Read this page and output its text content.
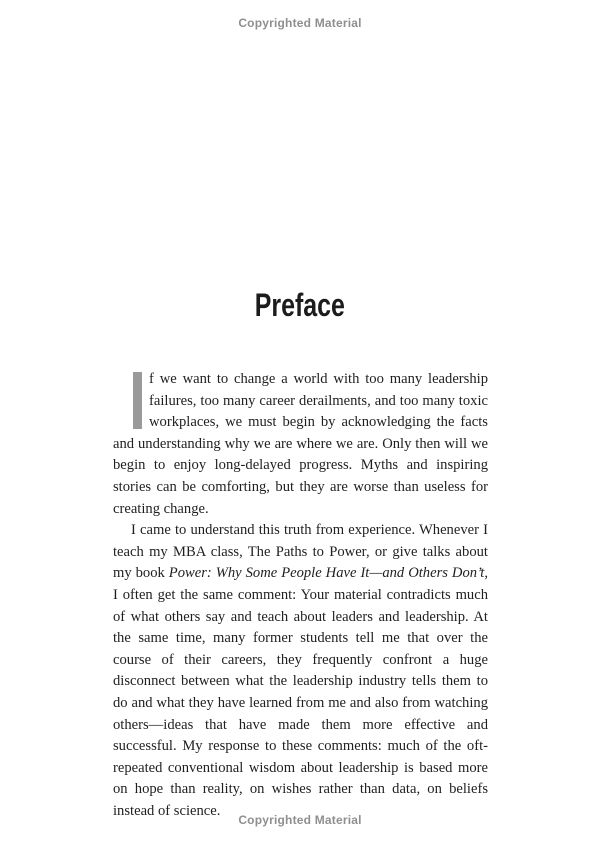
Copyrighted Material
Preface

f we want to change a world with too many leadership failures, too many career derailments, and too many toxic workplaces, we must begin by acknowledging the facts and understanding why we are where we are. Only then will we begin to enjoy long-delayed progress. Myths and inspiring stories can be comforting, but they are worse than useless for creating change.

I came to understand this truth from experience. Whenever I teach my MBA class, The Paths to Power, or give talks about my book Power: Why Some People Have It—and Others Don’t, I often get the same comment: Your material contradicts much of what others say and teach about leaders and leadership. At the same time, many former students tell me that over the course of their careers, they frequently confront a huge disconnect between what the leadership industry tells them to do and what they have learned from me and also from watching others—ideas that have made them more effective and successful. My response to these comments: much of the oft-repeated conventional wisdom about leadership is based more on hope than reality, on wishes rather than data, on beliefs instead of science.

Copyrighted Material
